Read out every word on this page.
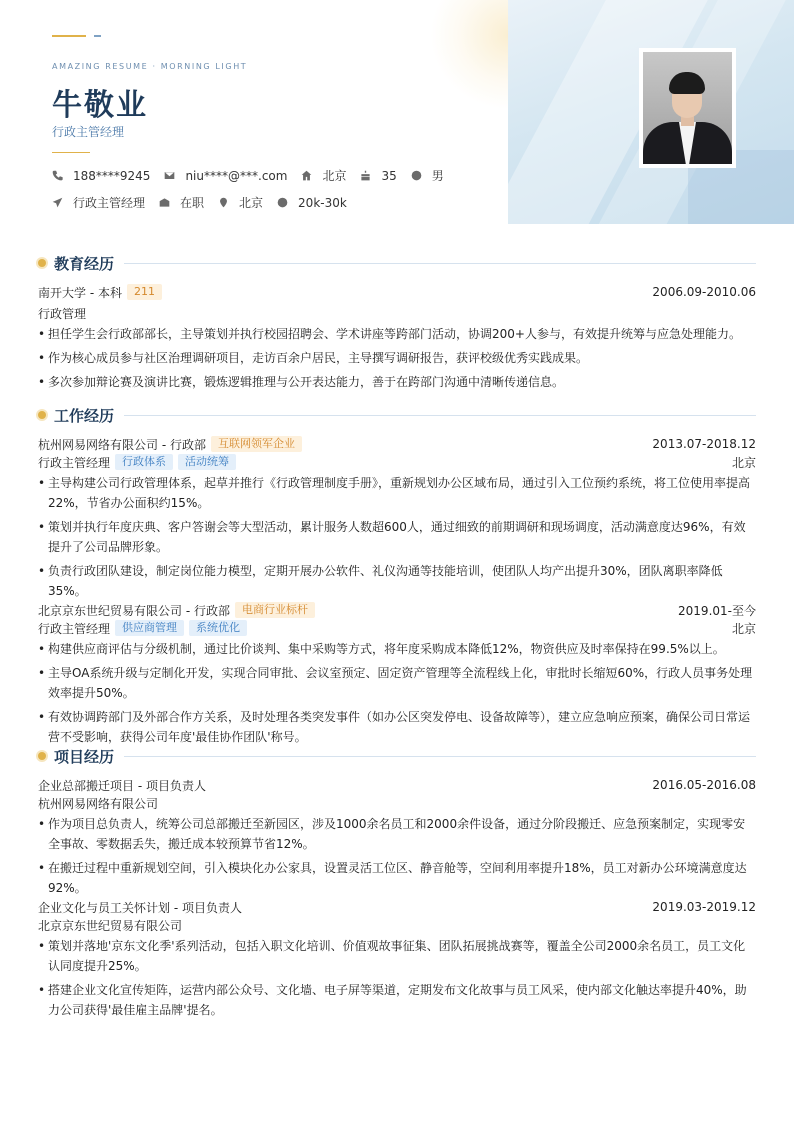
AMAZING RESUME · MORNING LIGHT
牛敬业
行政主管经理
188****9245	niu****@***.com	北京	35	男
行政主管经理	在职	北京	20k-30k
教育经历
南开大学 - 本科	211	2006.09-2010.06
行政管理
• 担任学生会行政部部长，主导策划并执行校园招聘会、学术讲座等跨部门活动，协调200+人参与，有效提升统筹与应急处理能力。
• 作为核心成员参与社区治理调研项目，走访百余户居民，主导撰写调研报告，获评校级优秀实践成果。
• 多次参加辩论赛及演讲比赛，锻炼逻辑推理与公开表达能力，善于在跨部门沟通中清晰传递信息。
工作经历
杭州网易网络有限公司 - 行政部	互联网领军企业	2013.07-2018.12
行政主管经理	行政体系	活动统筹	北京
• 主导构建公司行政管理体系，起草并推行《行政管理制度手册》，重新规划办公区域布局，通过引入工位预约系统，将工位使用率提高22%，节省办公面积约15%。
• 策划并执行年度庆典、客户答谢会等大型活动，累计服务人数超600人，通过细致的前期调研和现场调度，活动满意度达96%，有效提升了公司品牌形象。
• 负责行政团队建设，制定岗位能力模型，定期开展办公软件、礼仪沟通等技能培训，使团队人均产出提升30%，团队离职率降低35%。
北京京东世纪贸易有限公司 - 行政部	电商行业标杆	2019.01-至今
行政主管经理	供应商管理	系统优化	北京
• 构建供应商评估与分级机制，通过比价谈判、集中采购等方式，将年度采购成本降低12%，物资供应及时率保持在99.5%以上。
• 主导OA系统升级与定制化开发，实现合同审批、会议室预定、固定资产管理等全流程线上化，审批时长缩短60%，行政人员事务处理效率提升50%。
• 有效协调跨部门及外部合作方关系，及时处理各类突发事件（如办公区突发停电、设备故障等），建立应急响应预案，确保公司日常运营不受影响，获得公司年度'最佳协作团队'称号。
项目经历
企业总部搬迁项目 - 项目负责人	2016.05-2016.08
杭州网易网络有限公司
• 作为项目总负责人，统筹公司总部搬迁至新园区，涉及1000余名员工和2000余件设备，通过分阶段搬迁、应急预案制定，实现零安全事故、零数据丢失，搬迁成本较预算节省12%。
• 在搬迁过程中重新规划空间，引入模块化办公家具，设置灵活工位区、静音舱等，空间利用率提升18%，员工对新办公环境满意度达92%。
企业文化与员工关怀计划 - 项目负责人	2019.03-2019.12
北京京东世纪贸易有限公司
• 策划并落地'京东文化季'系列活动，包括入职文化培训、价值观故事征集、团队拓展挑战赛等，覆盖全公司2000余名员工，员工文化认同度提升25%。
• 搭建企业文化宣传矩阵，运营内部公众号、文化墙、电子屏等渠道，定期发布文化故事与员工风采，使内部文化触达率提升40%，助力公司获得'最佳雇主品牌'提名。
